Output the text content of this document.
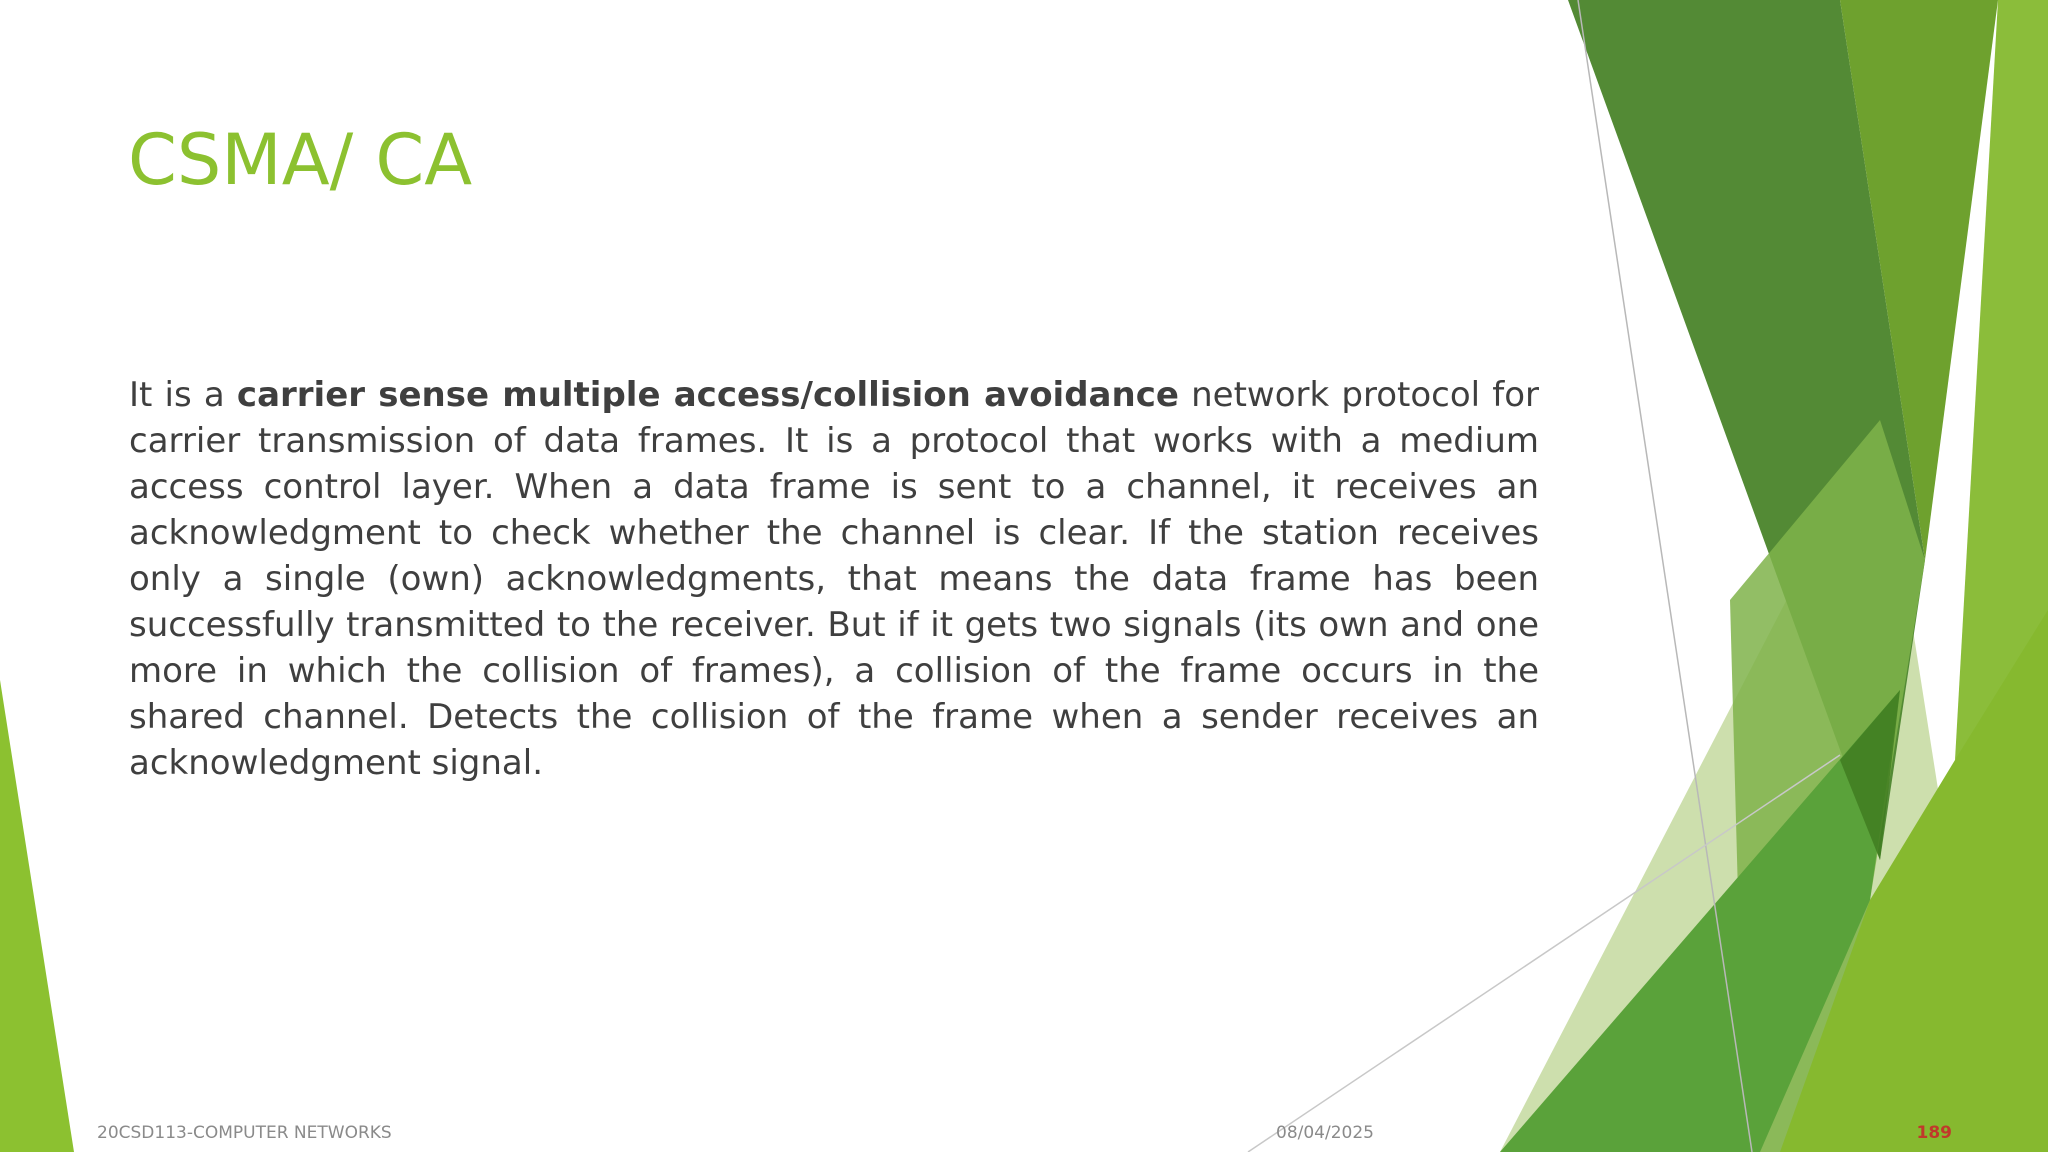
CSMA/ CA

It is a carrier sense multiple access/collision avoidance network protocol for carrier transmission of data frames. It is a protocol that works with a medium access control layer. When a data frame is sent to a channel, it receives an acknowledgment to check whether the channel is clear. If the station receives only a single (own) acknowledgments, that means the data frame has been successfully transmitted to the receiver. But if it gets two signals (its own and one more in which the collision of frames), a collision of the frame occurs in the shared channel. Detects the collision of the frame when a sender receives an acknowledgment signal.

20CSD113-COMPUTER NETWORKS	08/04/2025	189
